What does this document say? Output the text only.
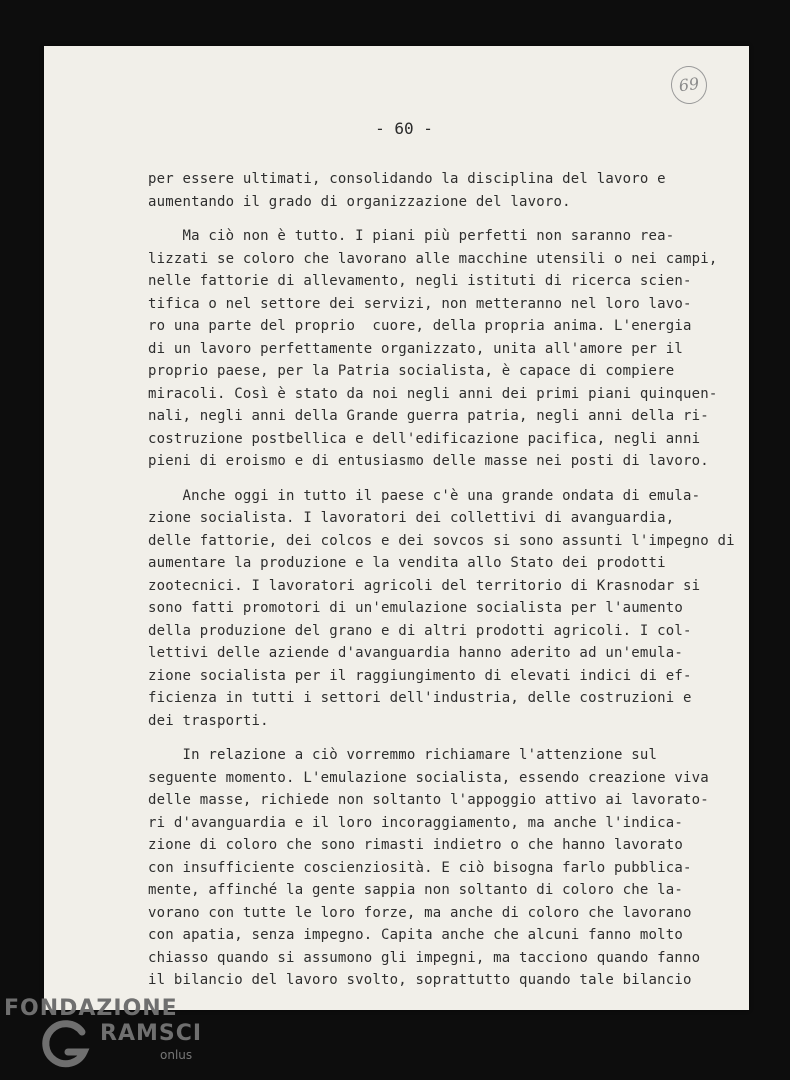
69
- 60 -
per essere ultimati, consolidando la disciplina del lavoro e
aumentando il grado di organizzazione del lavoro.
Ma ciò non è tutto. I piani più perfetti non saranno rea-
lizzati se coloro che lavorano alle macchine utensili o nei campi,
nelle fattorie di allevamento, negli istituti di ricerca scien-
tifica o nel settore dei servizi, non metteranno nel loro lavo-
ro una parte del proprio  cuore, della propria anima. L'energia
di un lavoro perfettamente organizzato, unita all'amore per il
proprio paese, per la Patria socialista, è capace di compiere
miracoli. Così è stato da noi negli anni dei primi piani quinquen-
nali, negli anni della Grande guerra patria, negli anni della ri-
costruzione postbellica e dell'edificazione pacifica, negli anni
pieni di eroismo e di entusiasmo delle masse nei posti di lavoro.
Anche oggi in tutto il paese c'è una grande ondata di emula-
zione socialista. I lavoratori dei collettivi di avanguardia,
delle fattorie, dei colcos e dei sovcos si sono assunti l'impegno di
aumentare la produzione e la vendita allo Stato dei prodotti
zootecnici. I lavoratori agricoli del territorio di Krasnodar si
sono fatti promotori di un'emulazione socialista per l'aumento
della produzione del grano e di altri prodotti agricoli. I col-
lettivi delle aziende d'avanguardia hanno aderito ad un'emula-
zione socialista per il raggiungimento di elevati indici di ef-
ficienza in tutti i settori dell'industria, delle costruzioni e
dei trasporti.
In relazione a ciò vorremmo richiamare l'attenzione sul
seguente momento. L'emulazione socialista, essendo creazione viva
delle masse, richiede non soltanto l'appoggio attivo ai lavorato-
ri d'avanguardia e il loro incoraggiamento, ma anche l'indica-
zione di coloro che sono rimasti indietro o che hanno lavorato
con insufficiente coscienziosità. E ciò bisogna farlo pubblica-
mente, affinché la gente sappia non soltanto di coloro che la-
vorano con tutte le loro forze, ma anche di coloro che lavorano
con apatia, senza impegno. Capita anche che alcuni fanno molto
chiasso quando si assumono gli impegni, ma tacciono quando fanno
il bilancio del lavoro svolto, soprattutto quando tale bilancio
FONDAZIONE
RAMSCI
onlus
